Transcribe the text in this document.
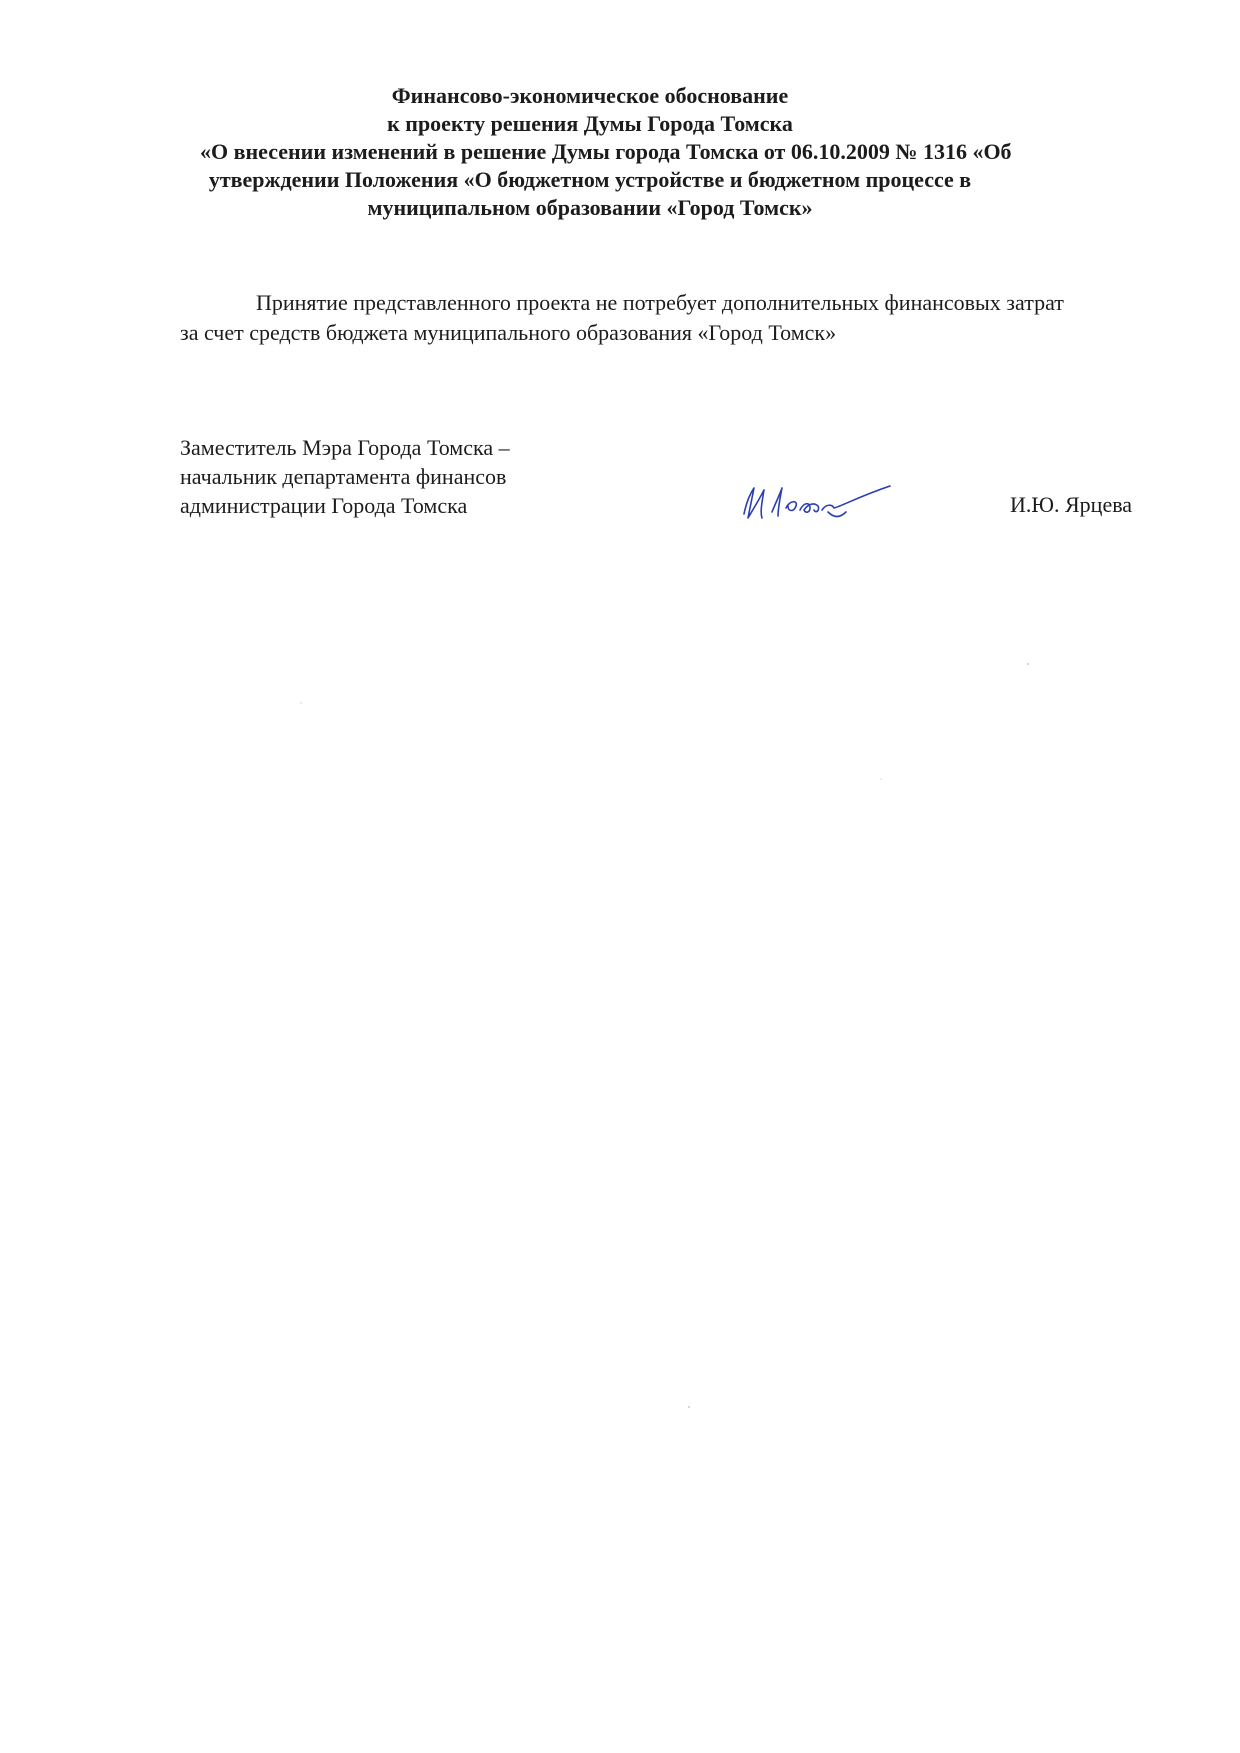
Финансово-экономическое обоснование
к проекту решения Думы Города Томска
«О внесении изменений в решение Думы города Томска от 06.10.2009 № 1316 «Об
утверждении Положения «О бюджетном устройстве и бюджетном процессе в
муниципальном образовании «Город Томск»
Принятие представленного проекта не потребует дополнительных финансовых затрат
за счет средств бюджета муниципального образования «Город Томск»
Заместитель Мэра Города Томска –
начальник департамента финансов
администрации Города Томска	И.Ю. Ярцева
